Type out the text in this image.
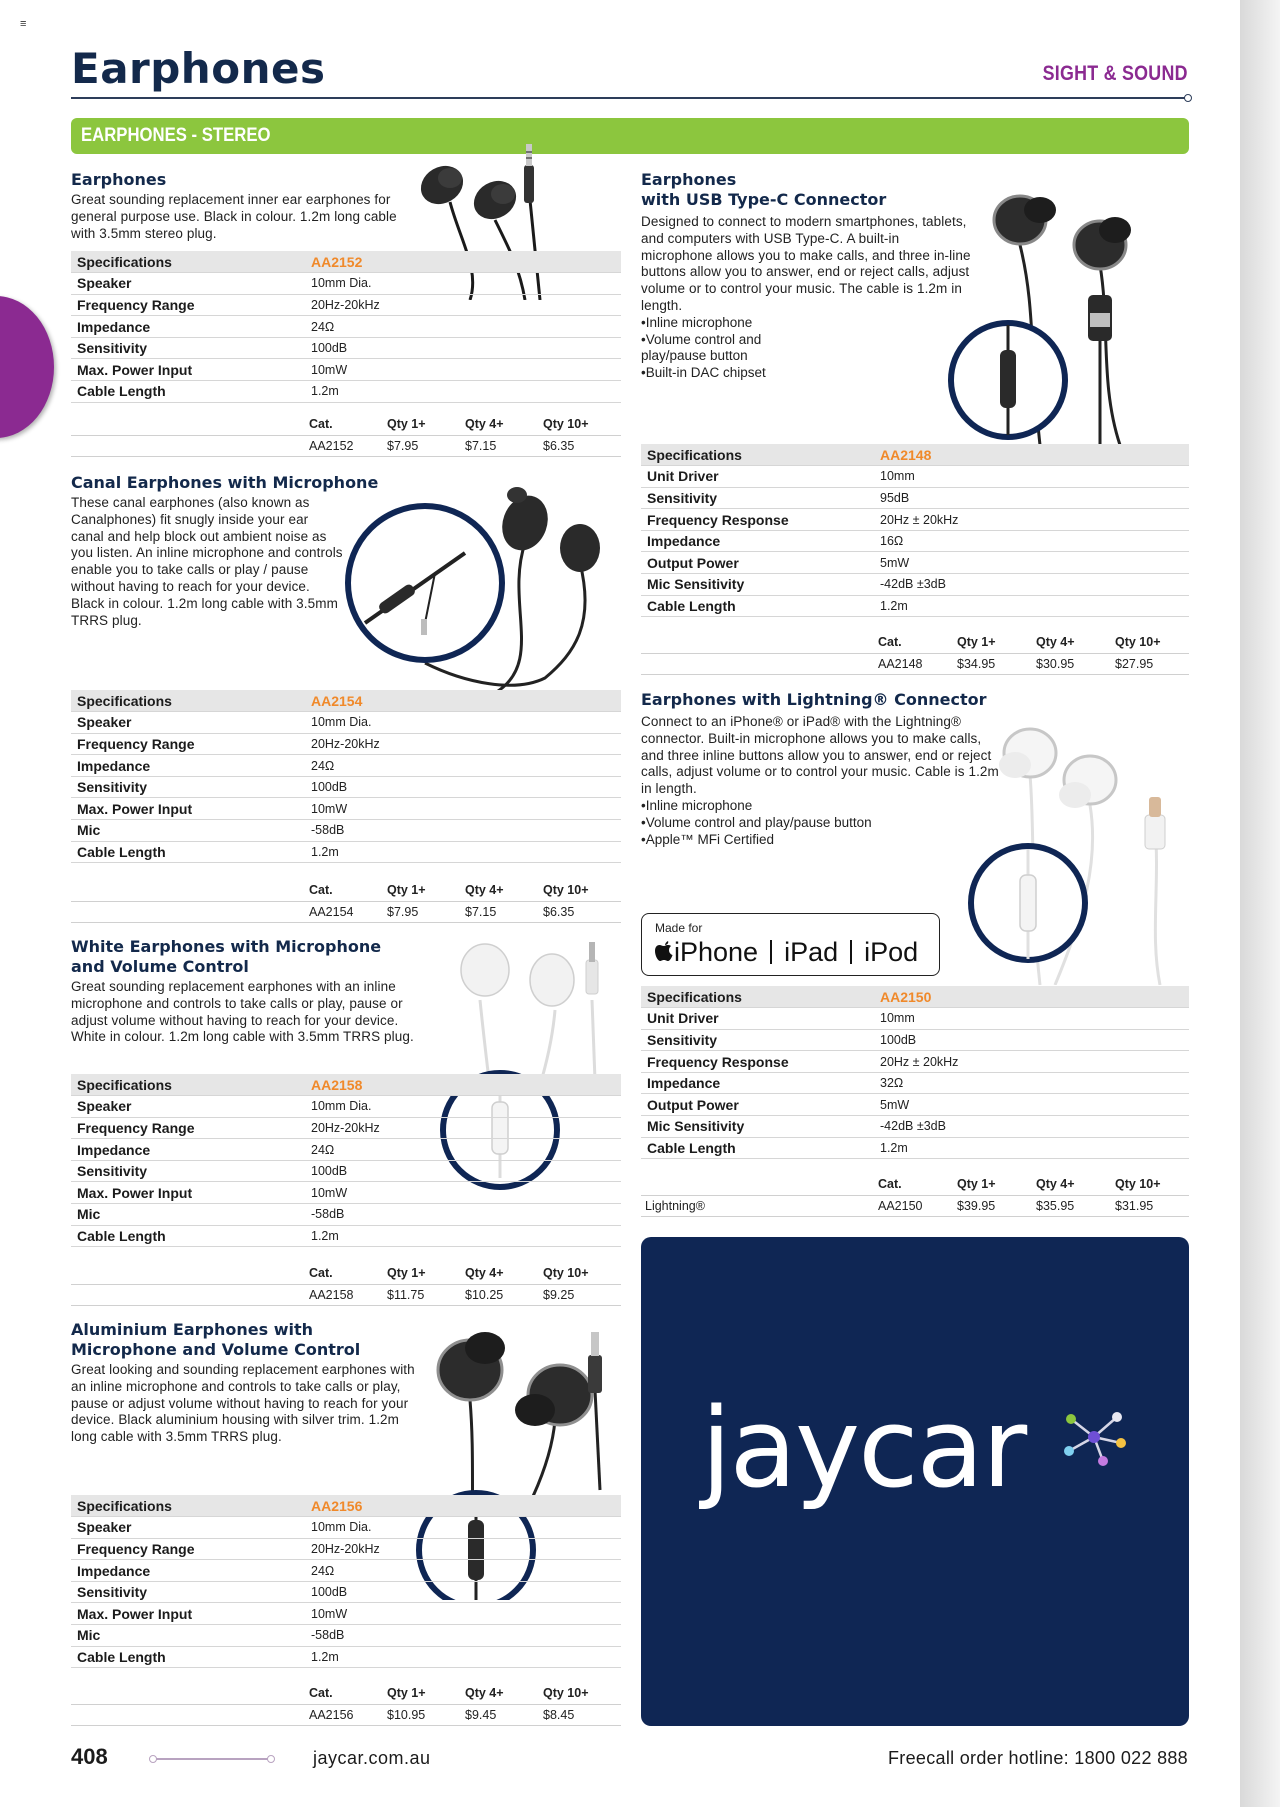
≡
Earphones	SIGHT & SOUND
EARPHONES - STEREO
Earphones
Great sounding replacement inner ear earphones for general purpose use. Black in colour. 1.2m long cable with 3.5mm stereo plug.
Specifications	AA2152
Speaker	10mm Dia.
Frequency Range	20Hz-20kHz
Impedance	24Ω
Sensitivity	100dB
Max. Power Input	10mW
Cable Length	1.2m
	Cat.	Qty 1+	Qty 4+	Qty 10+
	AA2152	$7.95	$7.15	$6.35
Canal Earphones with Microphone
These canal earphones (also known as Canalphones) fit snugly inside your ear canal and help block out ambient noise as you listen. An inline microphone and controls enable you to take calls or play / pause without having to reach for your device. Black in colour. 1.2m long cable with 3.5mm TRRS plug.
Specifications	AA2154
Speaker	10mm Dia.
Frequency Range	20Hz-20kHz
Impedance	24Ω
Sensitivity	100dB
Max. Power Input	10mW
Mic	-58dB
Cable Length	1.2m
	Cat.	Qty 1+	Qty 4+	Qty 10+
	AA2154	$7.95	$7.15	$6.35
White Earphones with Microphone and Volume Control
Great sounding replacement earphones with an inline microphone and controls to take calls or play, pause or adjust volume without having to reach for your device. White in colour. 1.2m long cable with 3.5mm TRRS plug.
Specifications	AA2158
Speaker	10mm Dia.
Frequency Range	20Hz-20kHz
Impedance	24Ω
Sensitivity	100dB
Max. Power Input	10mW
Mic	-58dB
Cable Length	1.2m
	Cat.	Qty 1+	Qty 4+	Qty 10+
	AA2158	$11.75	$10.25	$9.25
Aluminium Earphones with Microphone and Volume Control
Great looking and sounding replacement earphones with an inline microphone and controls to take calls or play, pause or adjust volume without having to reach for your device. Black aluminium housing with silver trim. 1.2m long cable with 3.5mm TRRS plug.
Specifications	AA2156
Speaker	10mm Dia.
Frequency Range	20Hz-20kHz
Impedance	24Ω
Sensitivity	100dB
Max. Power Input	10mW
Mic	-58dB
Cable Length	1.2m
	Cat.	Qty 1+	Qty 4+	Qty 10+
	AA2156	$10.95	$9.45	$8.45
Earphones
with USB Type-C Connector
Designed to connect to modern smartphones, tablets, and computers with USB Type-C. A built-in microphone allows you to make calls, and three in-line buttons allow you to answer, end or reject calls, adjust volume or to control your music. The cable is 1.2m in length.
• Inline microphone
• Volume control and play/pause button
• Built-in DAC chipset
Specifications	AA2148
Unit Driver	10mm
Sensitivity	95dB
Frequency Response	20Hz ± 20kHz
Impedance	16Ω
Output Power	5mW
Mic Sensitivity	-42dB ±3dB
Cable Length	1.2m
	Cat.	Qty 1+	Qty 4+	Qty 10+
	AA2148	$34.95	$30.95	$27.95
Earphones with Lightning® Connector
Connect to an iPhone® or iPad® with the Lightning® connector. Built-in microphone allows you to make calls, and three inline buttons allow you to answer, end or reject calls, adjust volume or to control your music. Cable is 1.2m in length.
• Inline microphone
• Volume control and play/pause button
• Apple™ MFi Certified
Made for
iPhone iPad iPod
Specifications	AA2150
Unit Driver	10mm
Sensitivity	100dB
Frequency Response	20Hz ± 20kHz
Impedance	32Ω
Output Power	5mW
Mic Sensitivity	-42dB ±3dB
Cable Length	1.2m
	Cat.	Qty 1+	Qty 4+	Qty 10+
Lightning®	AA2150	$39.95	$35.95	$31.95
jaycar
408	jaycar.com.au	Freecall order hotline: 1800 022 888
